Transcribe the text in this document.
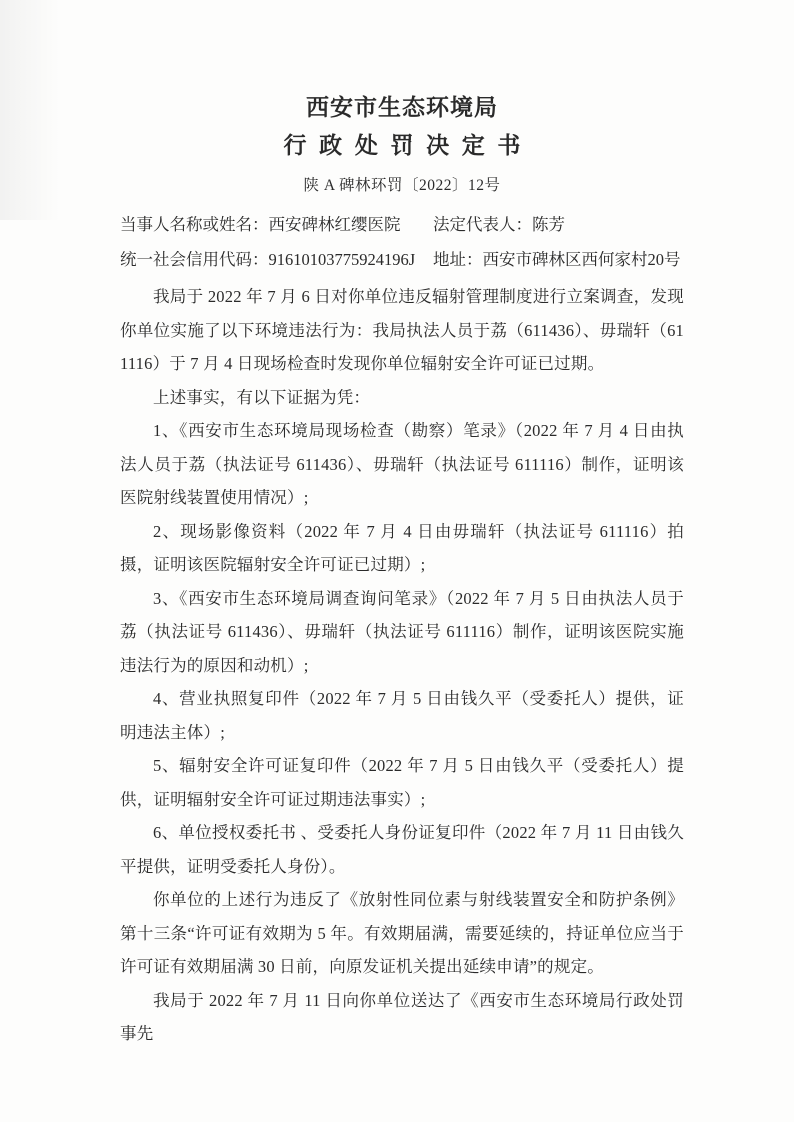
西安市生态环境局
行政处罚决定书
陕 A 碑林环罚〔2022〕12号
当事人名称或姓名：西安碑林红缨医院	法定代表人：陈芳
统一社会信用代码：91610103775924196J	地址：西安市碑林区西何家村20号
我局于 2022 年 7 月 6 日对你单位违反辐射管理制度进行立案调查，发现你单位实施了以下环境违法行为：我局执法人员于荔（611436）、毋瑞轩（611116）于 7 月 4 日现场检查时发现你单位辐射安全许可证已过期。
上述事实，有以下证据为凭：
1、《西安市生态环境局现场检查（勘察）笔录》（2022 年 7 月 4 日由执法人员于荔（执法证号 611436）、毋瑞轩（执法证号 611116）制作，证明该医院射线装置使用情况）;
2、现场影像资料（2022 年 7 月 4 日由毋瑞轩（执法证号 611116）拍摄，证明该医院辐射安全许可证已过期）;
3、《西安市生态环境局调查询问笔录》（2022 年 7 月 5 日由执法人员于荔（执法证号 611436）、毋瑞轩（执法证号 611116）制作，证明该医院实施违法行为的原因和动机）;
4、营业执照复印件（2022 年 7 月 5 日由钱久平（受委托人）提供，证明违法主体）;
5、辐射安全许可证复印件（2022 年 7 月 5 日由钱久平（受委托人）提供，证明辐射安全许可证过期违法事实）;
6、单位授权委托书 、受委托人身份证复印件（2022 年 7 月 11 日由钱久平提供，证明受委托人身份）。
你单位的上述行为违反了《放射性同位素与射线装置安全和防护条例》第十三条“许可证有效期为 5 年。有效期届满，需要延续的，持证单位应当于许可证有效期届满 30 日前，向原发证机关提出延续申请”的规定。
我局于 2022 年 7 月 11 日向你单位送达了《西安市生态环境局行政处罚事先
